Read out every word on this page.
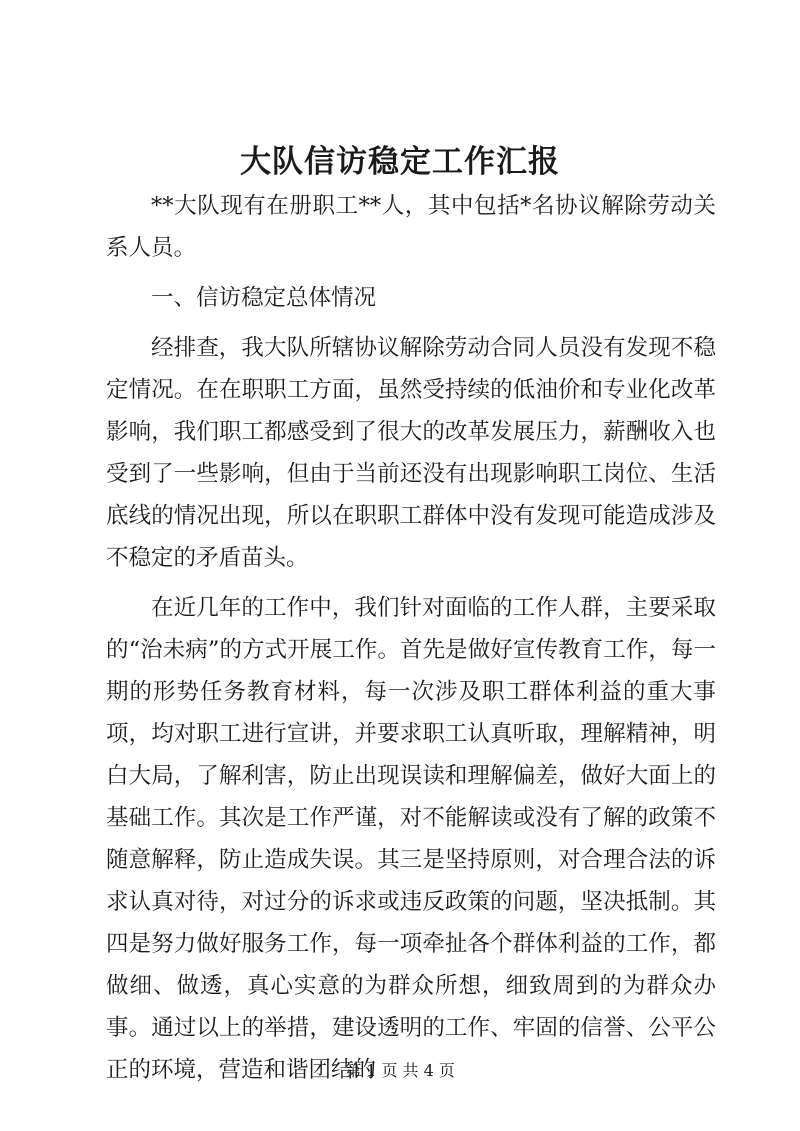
大队信访稳定工作汇报

**大队现有在册职工**人，其中包括*名协议解除劳动关系人员。

一、信访稳定总体情况

经排查，我大队所辖协议解除劳动合同人员没有发现不稳定情况。在在职职工方面，虽然受持续的低油价和专业化改革影响，我们职工都感受到了很大的改革发展压力，薪酬收入也受到了一些影响，但由于当前还没有出现影响职工岗位、生活底线的情况出现，所以在职职工群体中没有发现可能造成涉及不稳定的矛盾苗头。

在近几年的工作中，我们针对面临的工作人群，主要采取的“治未病”的方式开展工作。首先是做好宣传教育工作，每一期的形势任务教育材料，每一次涉及职工群体利益的重大事项，均对职工进行宣讲，并要求职工认真听取，理解精神，明白大局，了解利害，防止出现误读和理解偏差，做好大面上的基础工作。其次是工作严谨，对不能解读或没有了解的政策不随意解释，防止造成失误。其三是坚持原则，对合理合法的诉求认真对待，对过分的诉求或违反政策的问题，坚决抵制。其四是努力做好服务工作，每一项牵扯各个群体利益的工作，都做细、做透，真心实意的为群众所想，细致周到的为群众办事。通过以上的举措，建设透明的工作、牢固的信誉、公平公正的环境，营造和谐团结的

第 1 页 共 4 页
